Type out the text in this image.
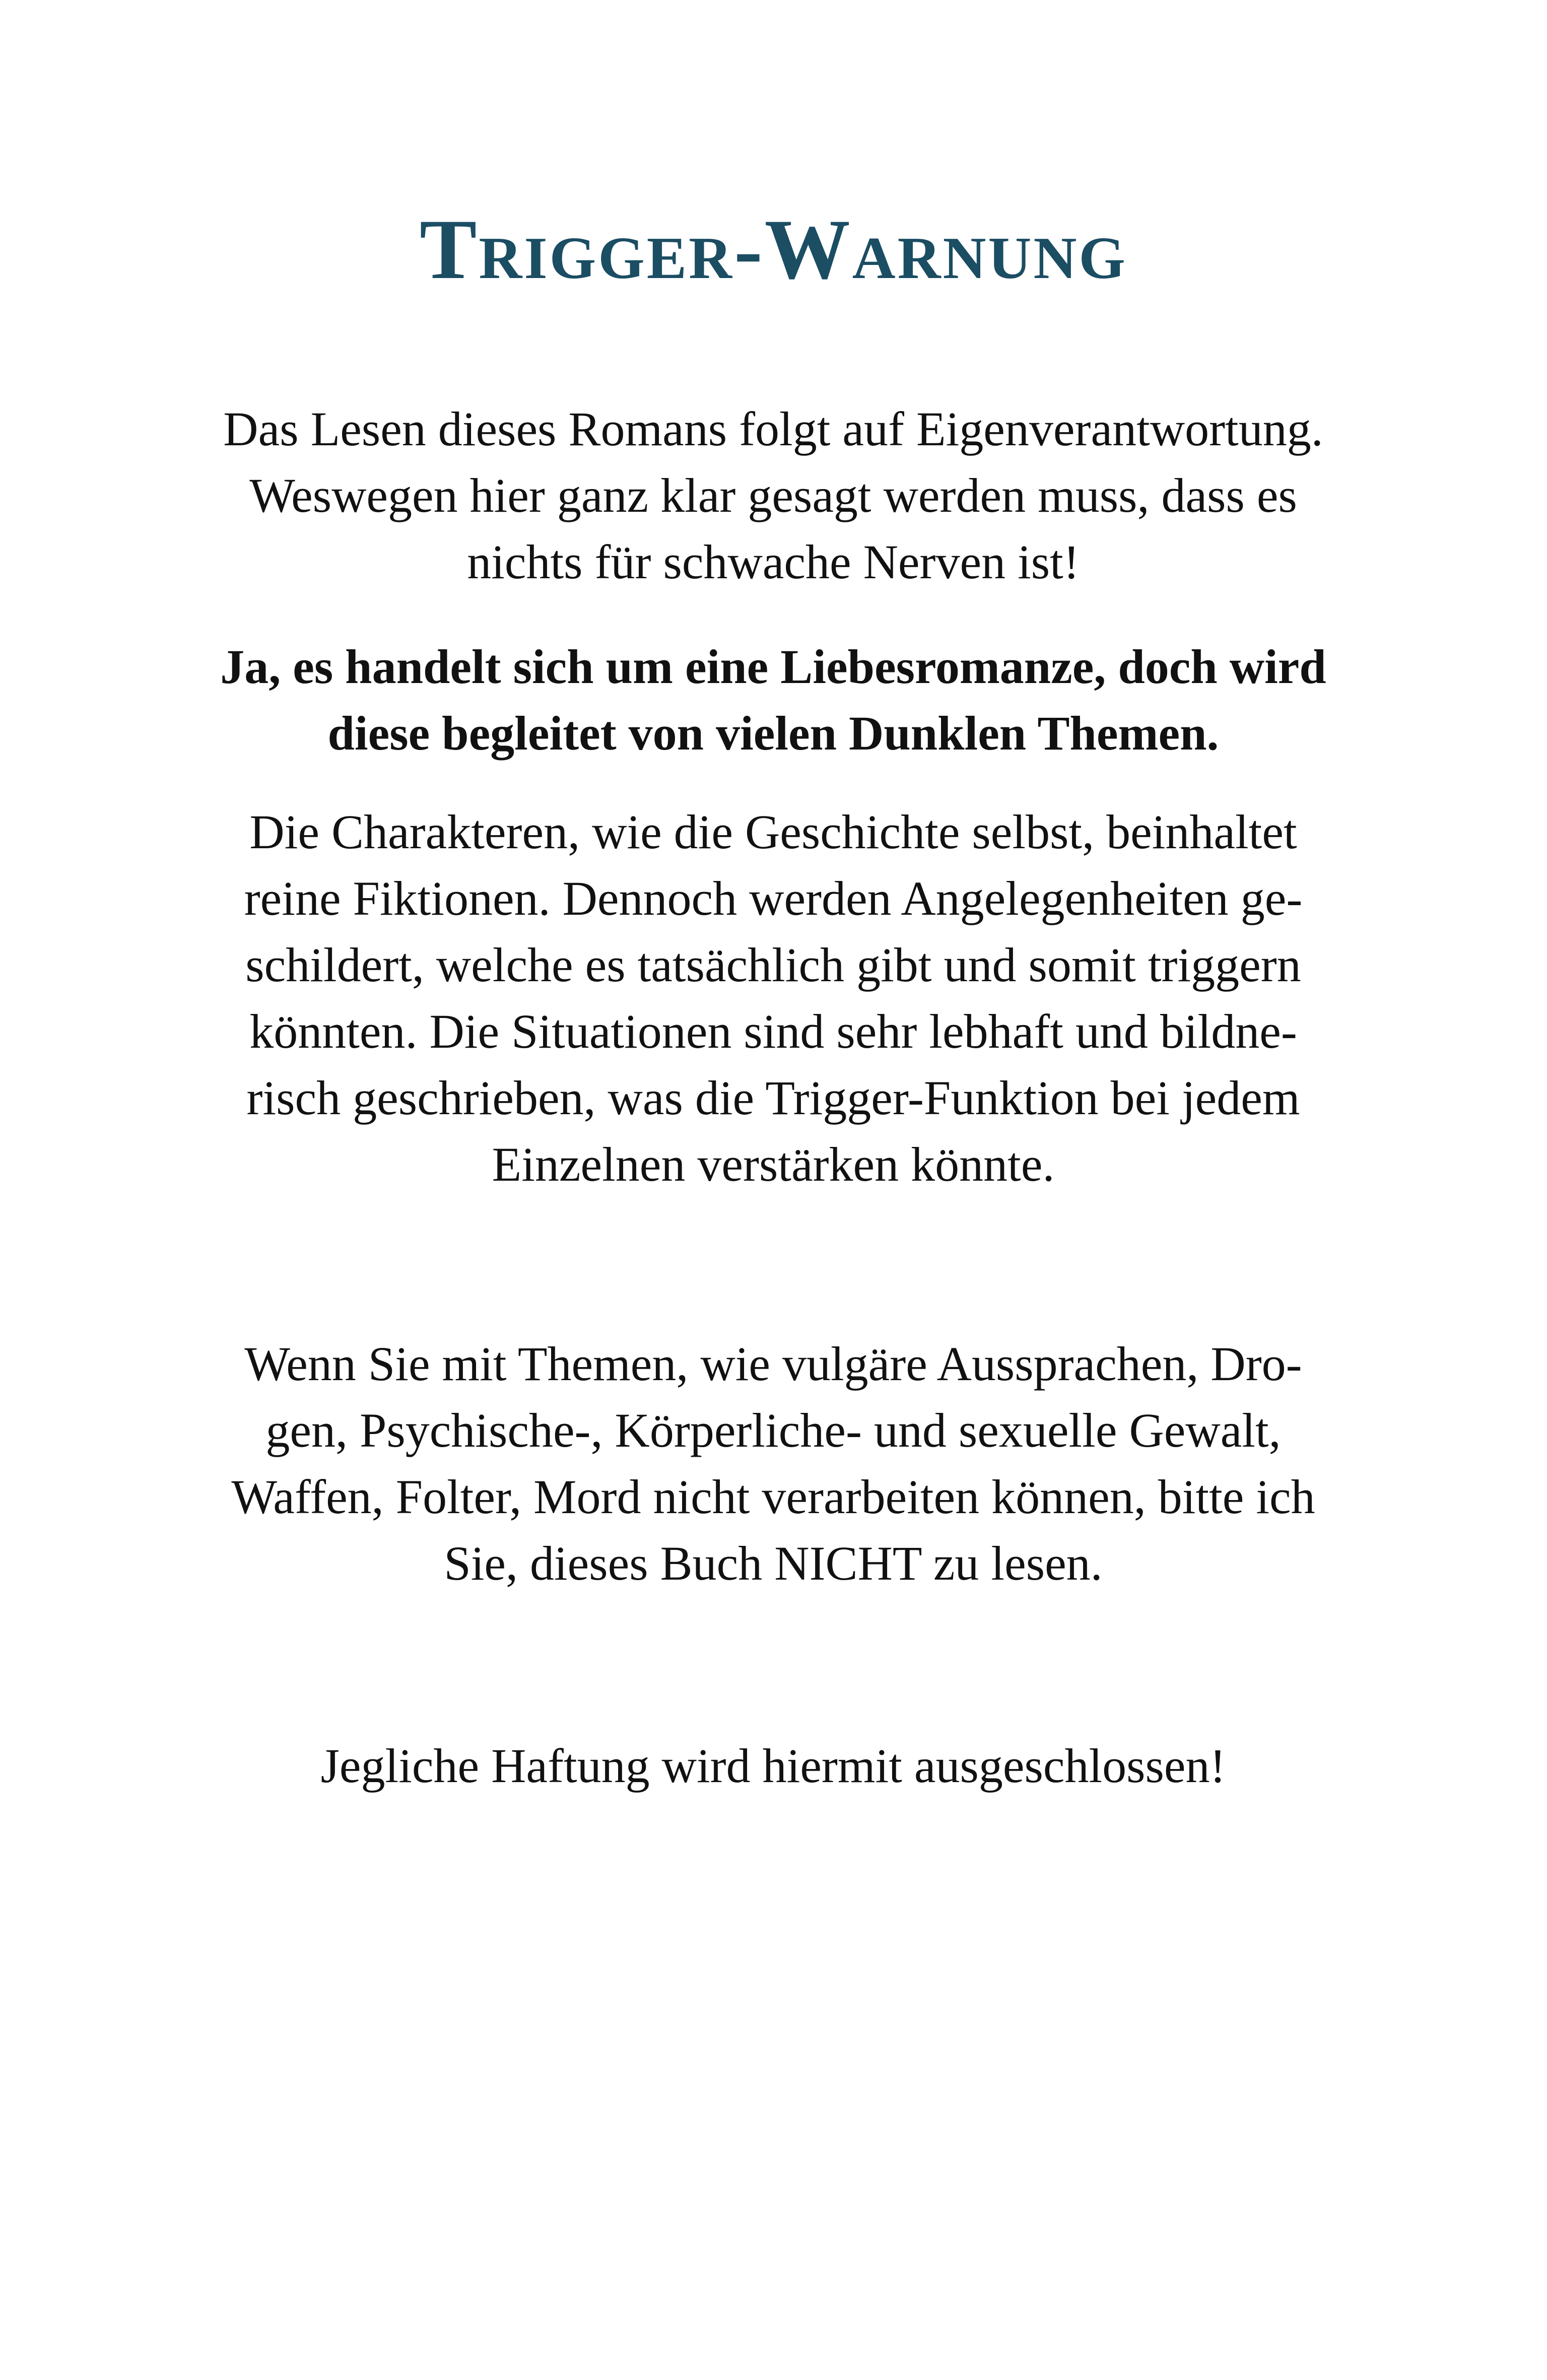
Trigger-Warnung

Das Lesen dieses Romans folgt auf Eigenverantwortung.
Weswegen hier ganz klar gesagt werden muss, dass es
nichts für schwache Nerven ist!

Ja, es handelt sich um eine Liebesromanze, doch wird
diese begleitet von vielen Dunklen Themen.

Die Charakteren, wie die Geschichte selbst, beinhaltet
reine Fiktionen. Dennoch werden Angelegenheiten ge-
schildert, welche es tatsächlich gibt und somit triggern
könnten. Die Situationen sind sehr lebhaft und bildne-
risch geschrieben, was die Trigger-Funktion bei jedem
Einzelnen verstärken könnte.

Wenn Sie mit Themen, wie vulgäre Aussprachen, Dro-
gen, Psychische-, Körperliche- und sexuelle Gewalt,
Waffen, Folter, Mord nicht verarbeiten können, bitte ich
Sie, dieses Buch NICHT zu lesen.

Jegliche Haftung wird hiermit ausgeschlossen!
